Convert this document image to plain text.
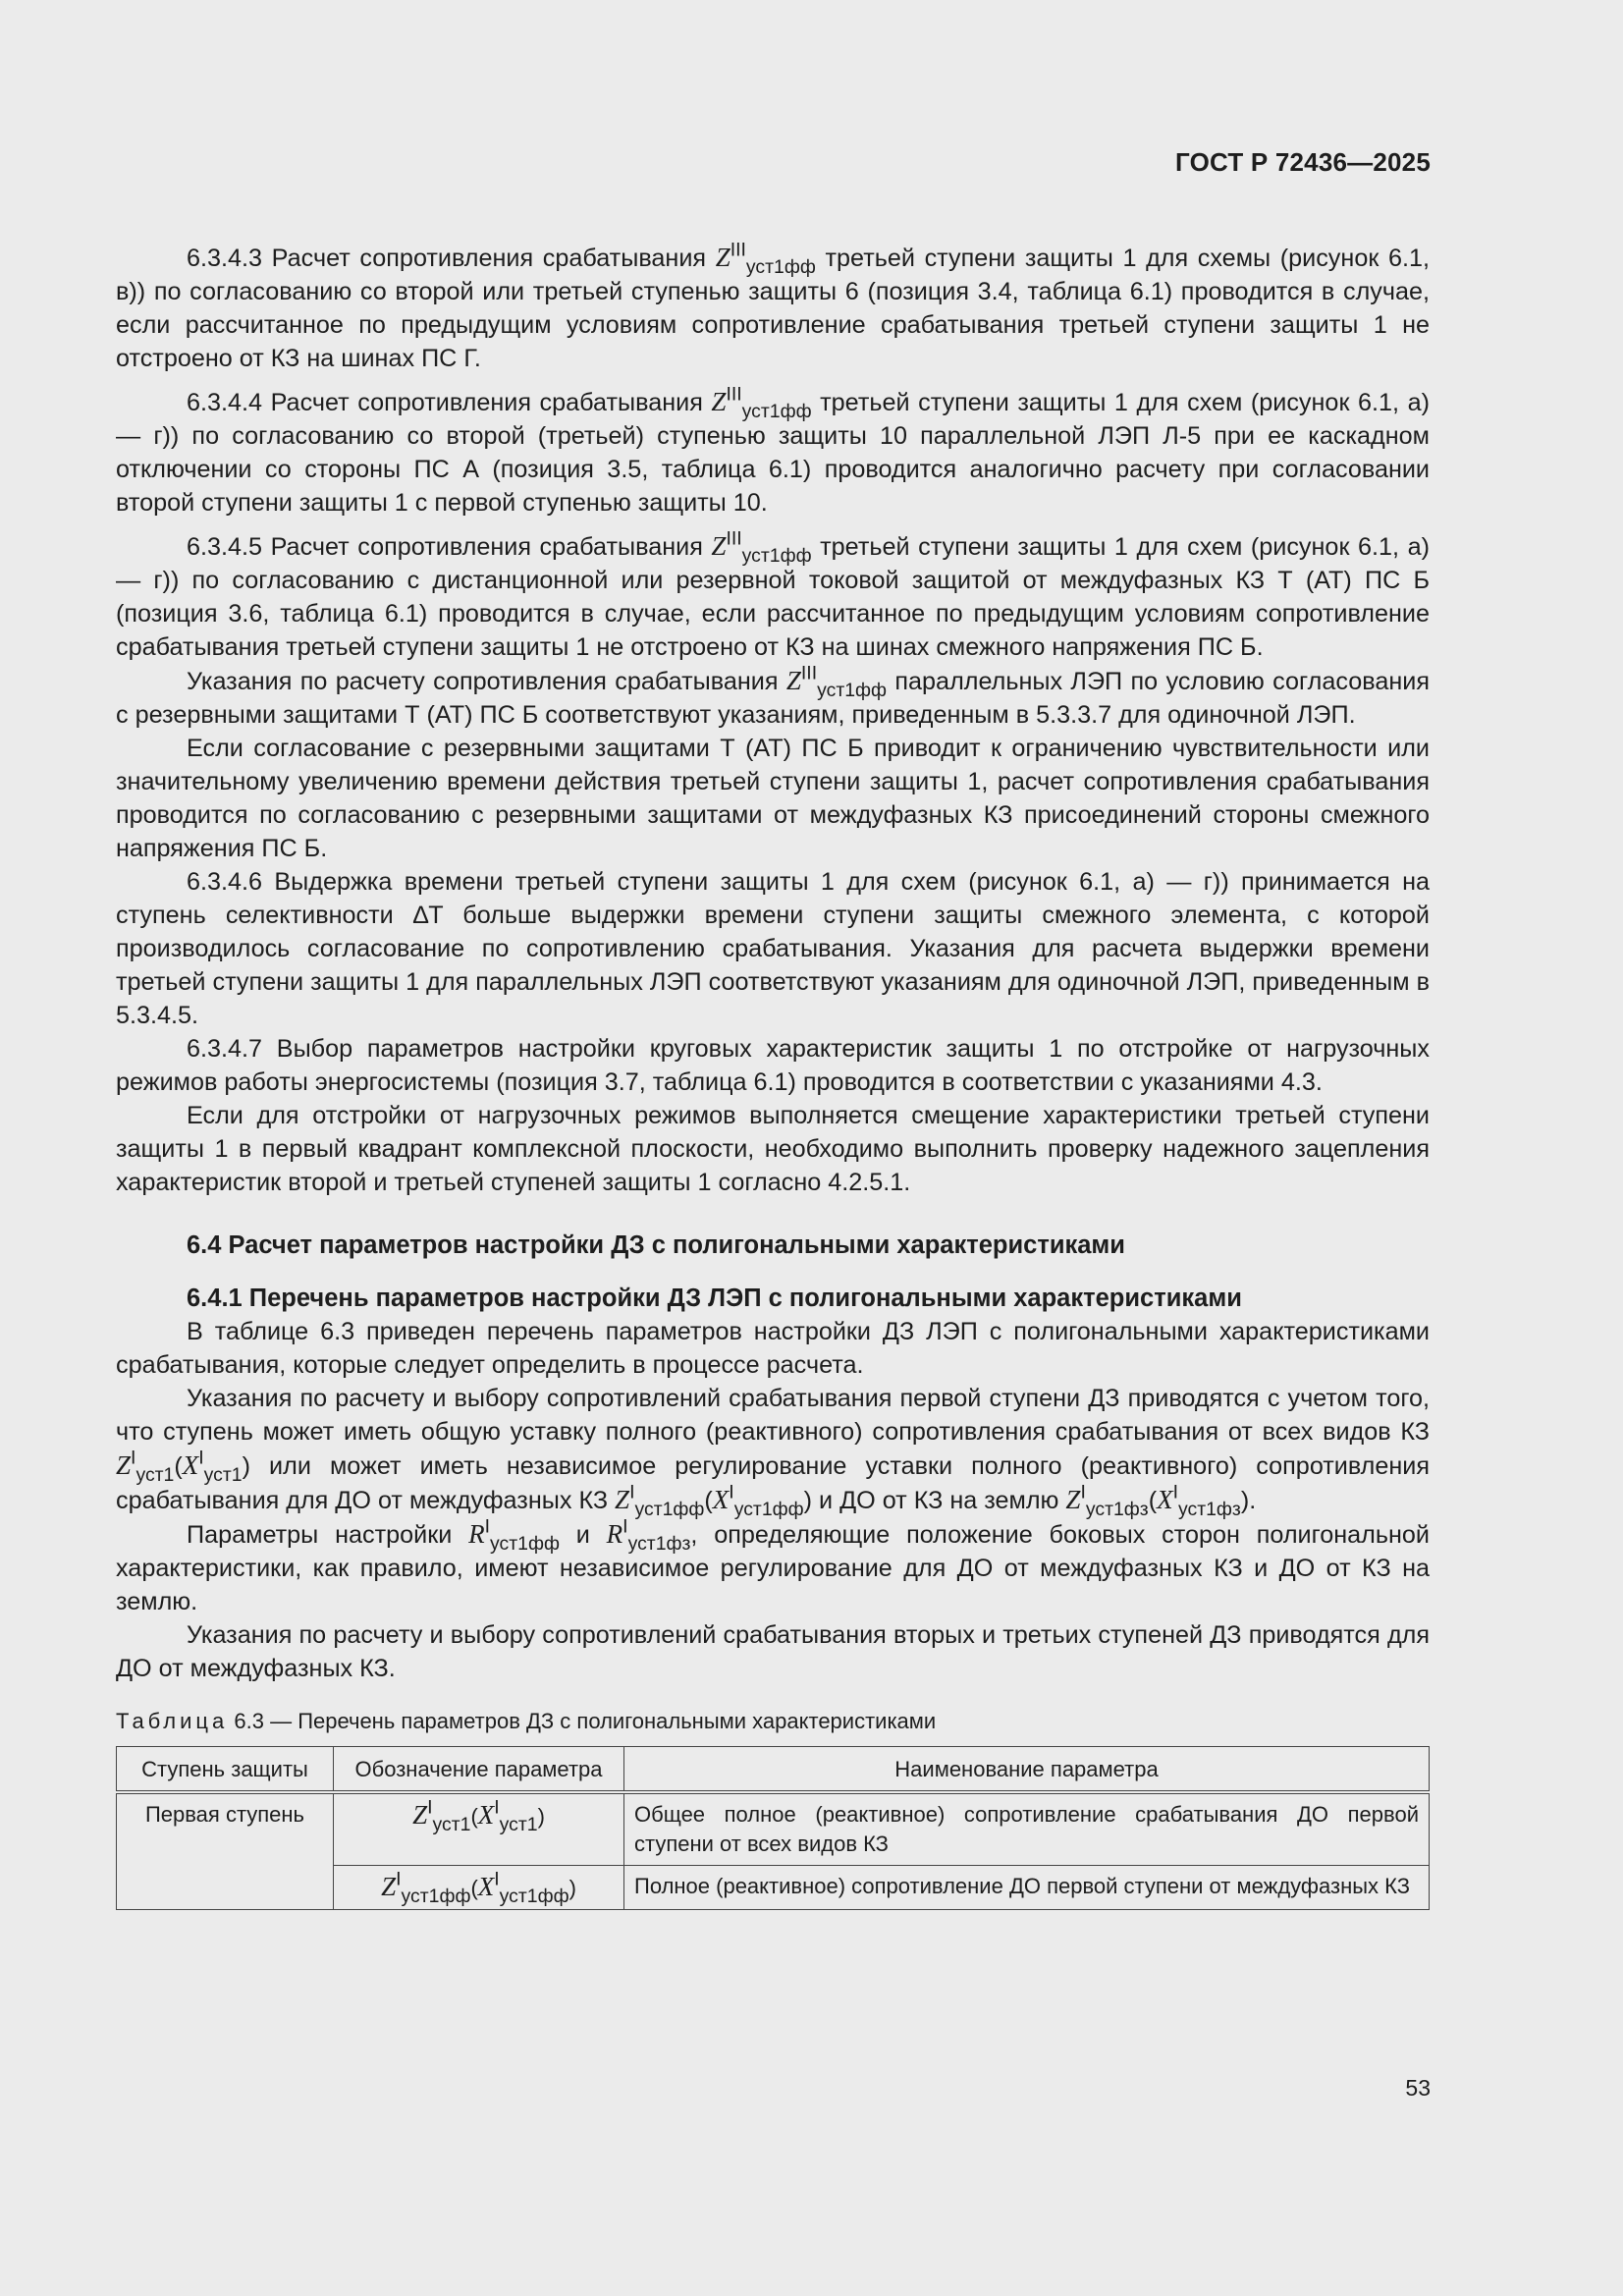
ГОСТ Р 72436—2025

6.3.4.3 Расчет сопротивления срабатывания $Z^{III}_{уст1фф}$ третьей ступени защиты 1 для схемы (рисунок 6.1, в)) по согласованию со второй или третьей ступенью защиты 6 (позиция 3.4, таблица 6.1) проводится в случае, если рассчитанное по предыдущим условиям сопротивление срабатывания третьей ступени защиты 1 не отстроено от КЗ на шинах ПС Г.

6.3.4.4 Расчет сопротивления срабатывания $Z^{III}_{уст1фф}$ третьей ступени защиты 1 для схем (рисунок 6.1, а) — г)) по согласованию со второй (третьей) ступенью защиты 10 параллельной ЛЭП Л-5 при ее каскадном отключении со стороны ПС А (позиция 3.5, таблица 6.1) проводится аналогично расчету при согласовании второй ступени защиты 1 с первой ступенью защиты 10.

6.3.4.5 Расчет сопротивления срабатывания $Z^{III}_{уст1фф}$ третьей ступени защиты 1 для схем (рисунок 6.1, а) — г)) по согласованию с дистанционной или резервной токовой защитой от междуфазных КЗ Т (АТ) ПС Б (позиция 3.6, таблица 6.1) проводится в случае, если рассчитанное по предыдущим условиям сопротивление срабатывания третьей ступени защиты 1 не отстроено от КЗ на шинах смежного напряжения ПС Б.

Указания по расчету сопротивления срабатывания $Z^{III}_{уст1фф}$ параллельных ЛЭП по условию согласования с резервными защитами Т (АТ) ПС Б соответствуют указаниям, приведенным в 5.3.3.7 для одиночной ЛЭП.

Если согласование с резервными защитами Т (АТ) ПС Б приводит к ограничению чувствительности или значительному увеличению времени действия третьей ступени защиты 1, расчет сопротивления срабатывания проводится по согласованию с резервными защитами от междуфазных КЗ присоединений стороны смежного напряжения ПС Б.

6.3.4.6 Выдержка времени третьей ступени защиты 1 для схем (рисунок 6.1, а) — г)) принимается на ступень селективности ∆T больше выдержки времени ступени защиты смежного элемента, с которой производилось согласование по сопротивлению срабатывания. Указания для расчета выдержки времени третьей ступени защиты 1 для параллельных ЛЭП соответствуют указаниям для одиночной ЛЭП, приведенным в 5.3.4.5.

6.3.4.7 Выбор параметров настройки круговых характеристик защиты 1 по отстройке от нагрузочных режимов работы энергосистемы (позиция 3.7, таблица 6.1) проводится в соответствии с указаниями 4.3.

Если для отстройки от нагрузочных режимов выполняется смещение характеристики третьей ступени защиты 1 в первый квадрант комплексной плоскости, необходимо выполнить проверку надежного зацепления характеристик второй и третьей ступеней защиты 1 согласно 4.2.5.1.

6.4 Расчет параметров настройки ДЗ с полигональными характеристиками
6.4.1 Перечень параметров настройки ДЗ ЛЭП с полигональными характеристиками

В таблице 6.3 приведен перечень параметров настройки ДЗ ЛЭП с полигональными характеристиками срабатывания, которые следует определить в процессе расчета.

Указания по расчету и выбору сопротивлений срабатывания первой ступени ДЗ приводятся с учетом того, что ступень может иметь общую уставку полного (реактивного) сопротивления срабатывания от всех видов КЗ $Z^I_{уст1}(X^I_{уст1})$ или может иметь независимое регулирование уставки полного (реактивного) сопротивления срабатывания для ДО от междуфазных КЗ $Z^I_{уст1фф}(X^I_{уст1фф})$ и ДО от КЗ на землю $Z^I_{уст1фз}(X^I_{уст1фз})$.

Параметры настройки $R^I_{уст1фф}$ и $R^I_{уст1фз}$, определяющие положение боковых сторон полигональной характеристики, как правило, имеют независимое регулирование для ДО от междуфазных КЗ и ДО от КЗ на землю.

Указания по расчету и выбору сопротивлений срабатывания вторых и третьих ступеней ДЗ приводятся для ДО от междуфазных КЗ.

Таблица 6.3 — Перечень параметров ДЗ с полигональными характеристиками
Ступень защиты	Обозначение параметра	Наименование параметра
Первая ступень	$Z^I_{уст1}(X^I_{уст1})$	Общее полное (реактивное) сопротивление срабатывания ДО первой ступени от всех видов КЗ
	$Z^I_{уст1фф}(X^I_{уст1фф})$	Полное (реактивное) сопротивление ДО первой ступени от междуфазных КЗ
53
